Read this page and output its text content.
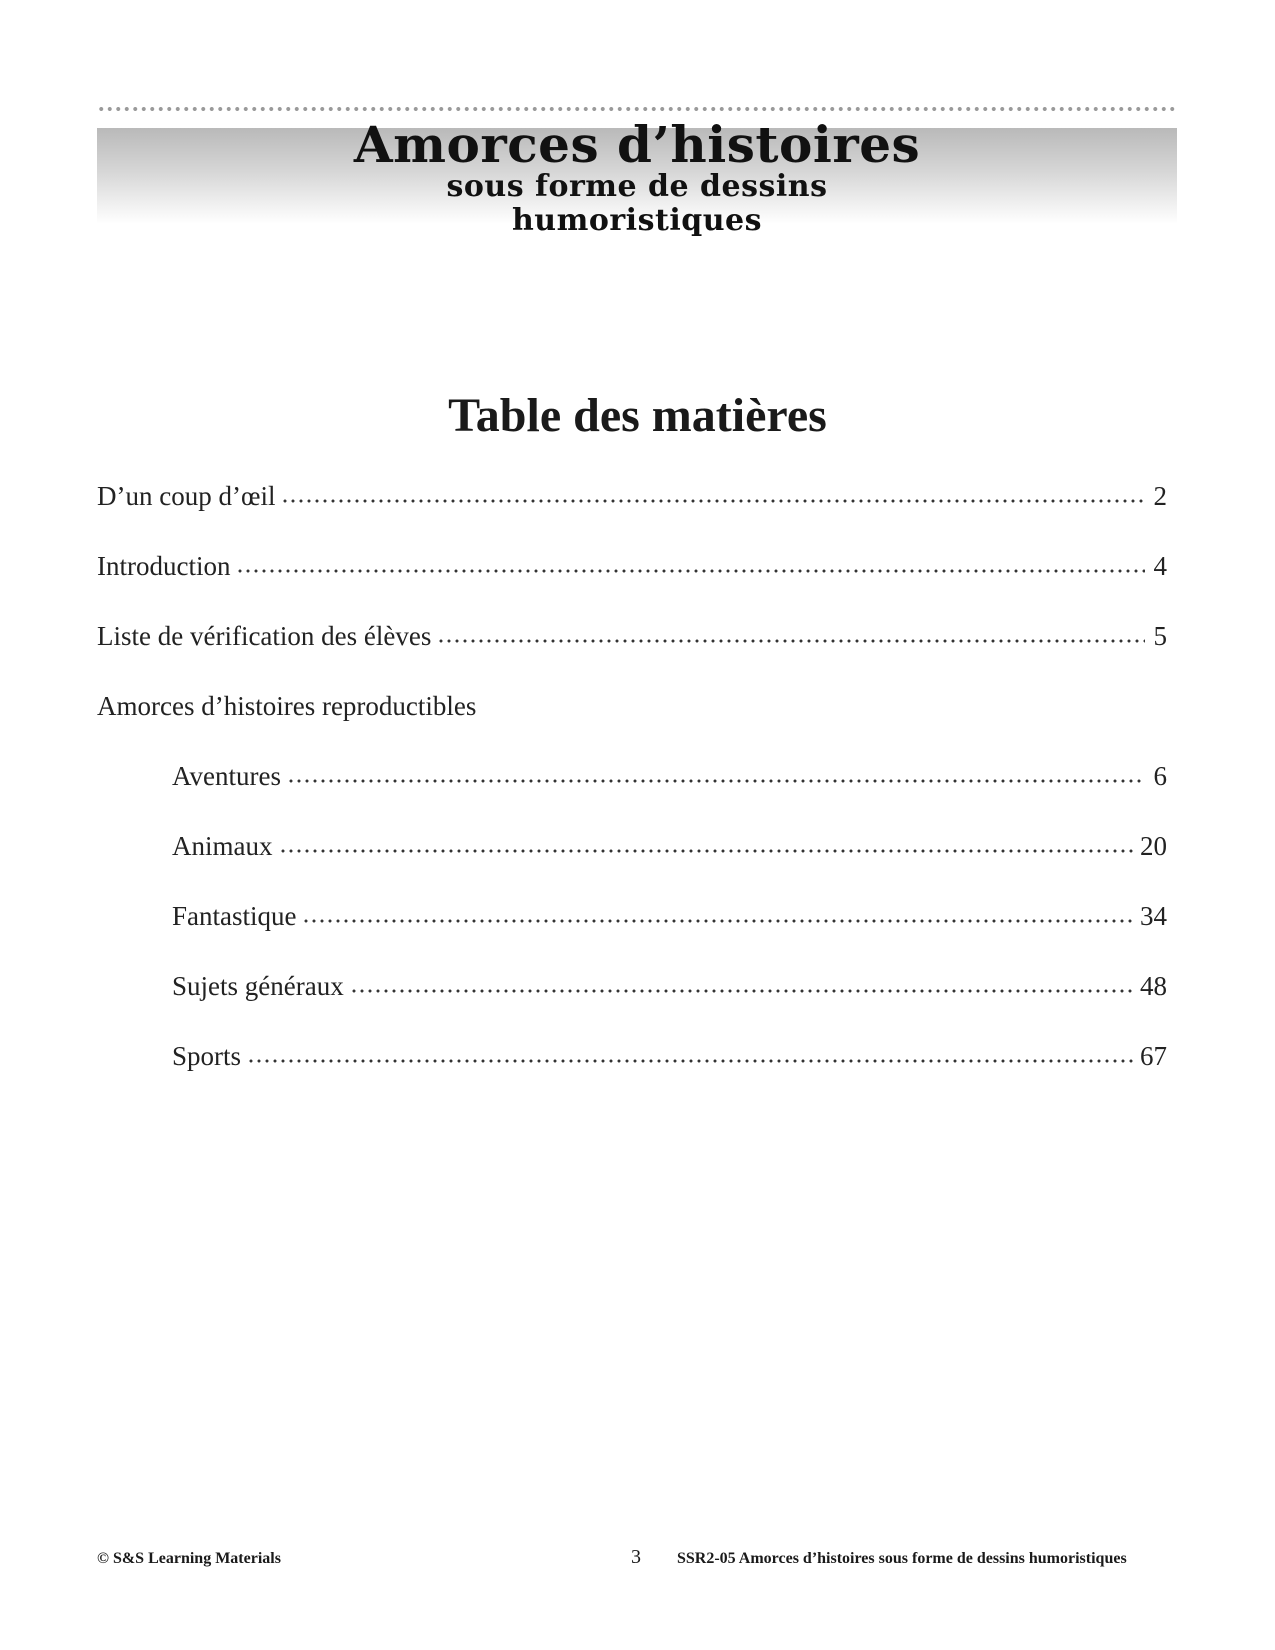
Amorces d’histoires
sous forme de dessins
humoristiques
Table des matières
D’un coup d’œil	2
Introduction	4
Liste de vérification des élèves	5
Amorces d’histoires reproductibles
Aventures	6
Animaux	20
Fantastique	34
Sujets généraux	48
Sports	67
© S&S Learning Materials	3 SSR2-05 Amorces d’histoires sous forme de dessins humoristiques
